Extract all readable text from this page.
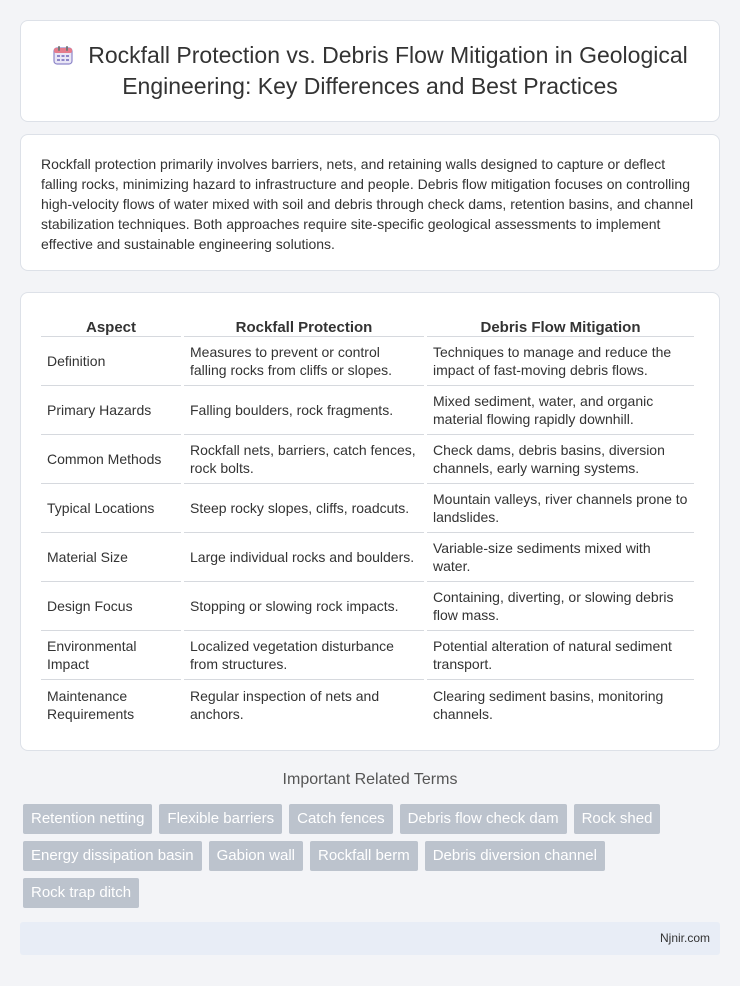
Rockfall Protection vs. Debris Flow Mitigation in Geological Engineering: Key Differences and Best Practices

Rockfall protection primarily involves barriers, nets, and retaining walls designed to capture or deflect falling rocks, minimizing hazard to infrastructure and people. Debris flow mitigation focuses on controlling high-velocity flows of water mixed with soil and debris through check dams, retention basins, and channel stabilization techniques. Both approaches require site-specific geological assessments to implement effective and sustainable engineering solutions.

Aspect	Rockfall Protection	Debris Flow Mitigation
Definition	Measures to prevent or control falling rocks from cliffs or slopes.	Techniques to manage and reduce the impact of fast-moving debris flows.
Primary Hazards	Falling boulders, rock fragments.	Mixed sediment, water, and organic material flowing rapidly downhill.
Common Methods	Rockfall nets, barriers, catch fences, rock bolts.	Check dams, debris basins, diversion channels, early warning systems.
Typical Locations	Steep rocky slopes, cliffs, roadcuts.	Mountain valleys, river channels prone to landslides.
Material Size	Large individual rocks and boulders.	Variable-size sediments mixed with water.
Design Focus	Stopping or slowing rock impacts.	Containing, diverting, or slowing debris flow mass.
Environmental Impact	Localized vegetation disturbance from structures.	Potential alteration of natural sediment transport.
Maintenance Requirements	Regular inspection of nets and anchors.	Clearing sediment basins, monitoring channels.
Important Related Terms
Retention netting	Flexible barriers	Catch fences	Debris flow check dam	Rock shed
Energy dissipation basin	Gabion wall	Rockfall berm	Debris diversion channel
Rock trap ditch
Njnir.com
